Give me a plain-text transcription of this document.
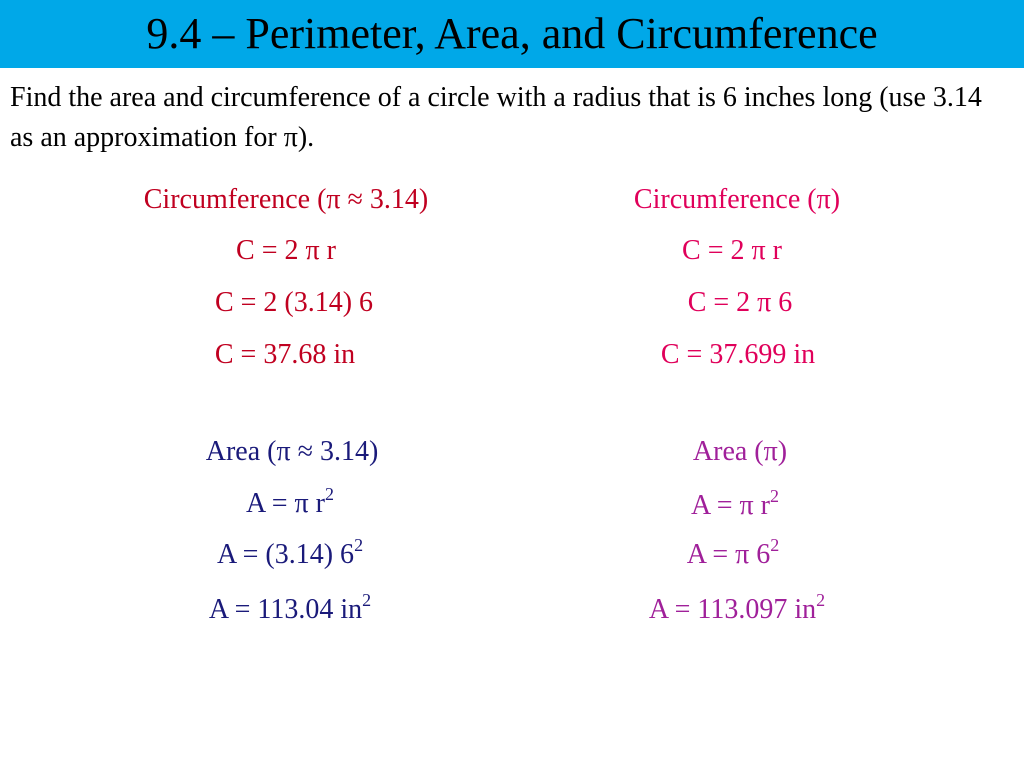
9.4 – Perimeter, Area, and Circumference
Find the area and circumference of a circle with a radius that is 6 inches long (use 3.14 as an approximation for π).
Circumference (π ≈ 3.14)
C = 2 π r
C = 2 (3.14) 6
C = 37.68 in
Circumference (π)
C = 2 π r
C = 2 π 6
C = 37.699 in
Area (π ≈ 3.14)
A = π $r^2$
A = (3.14) $6^2$
A = 113.04 $in^2$
Area (π)
A = π $r^2$
A = π $6^2$
A = 113.097 $in^2$
